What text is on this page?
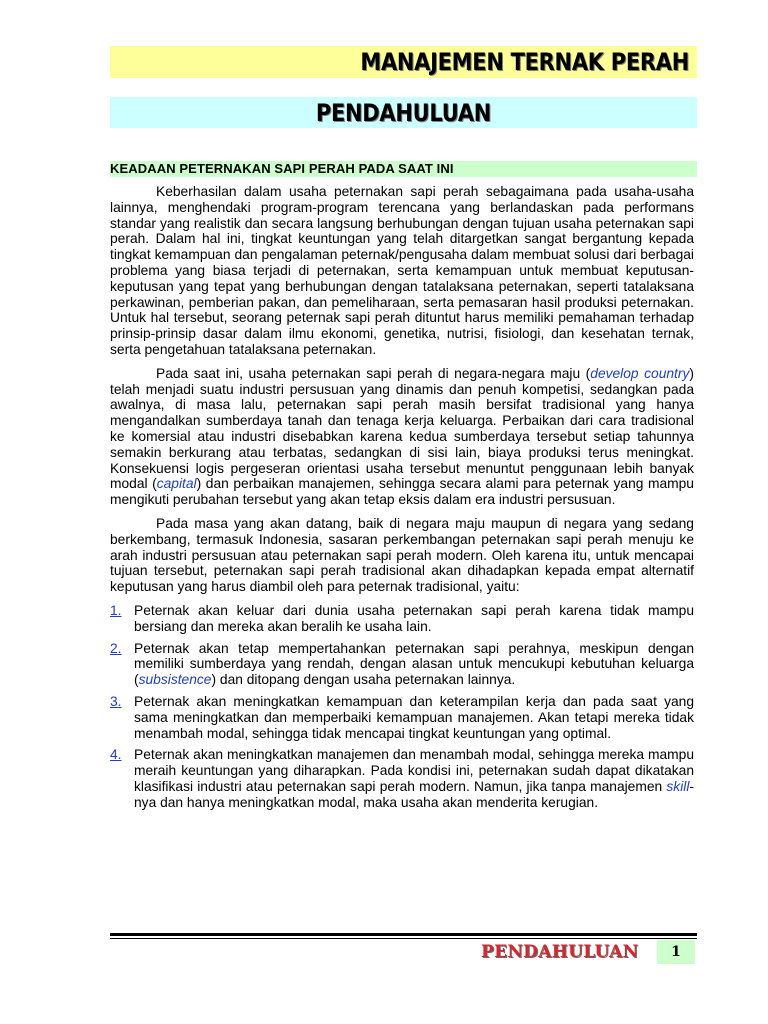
MANAJEMEN TERNAK PERAH
PENDAHULUAN
KEADAAN PETERNAKAN SAPI PERAH PADA SAAT INI

Keberhasilan dalam usaha peternakan sapi perah sebagaimana pada usaha-usaha lainnya, menghendaki program-program terencana yang berlandaskan pada performans standar yang realistik dan secara langsung berhubungan dengan tujuan usaha peternakan sapi perah. Dalam hal ini, tingkat keuntungan yang telah ditargetkan sangat bergantung kepada tingkat kemampuan dan pengalaman peternak/pengusaha dalam membuat solusi dari berbagai problema yang biasa terjadi di peternakan, serta kemampuan untuk membuat keputusan-keputusan yang tepat yang berhubungan dengan tatalaksana peternakan, seperti tatalaksana perkawinan, pemberian pakan, dan pemeliharaan, serta pemasaran hasil produksi peternakan. Untuk hal tersebut, seorang peternak sapi perah dituntut harus memiliki pemahaman terhadap prinsip-prinsip dasar dalam ilmu ekonomi, genetika, nutrisi, fisiologi, dan kesehatan ternak, serta pengetahuan tatalaksana peternakan.

Pada saat ini, usaha peternakan sapi perah di negara-negara maju (develop country) telah menjadi suatu industri persusuan yang dinamis dan penuh kompetisi, sedangkan pada awalnya, di masa lalu, peternakan sapi perah masih bersifat tradisional yang hanya mengandalkan sumberdaya tanah dan tenaga kerja keluarga. Perbaikan dari cara tradisional ke komersial atau industri disebabkan karena kedua sumberdaya tersebut setiap tahunnya semakin berkurang atau terbatas, sedangkan di sisi lain, biaya produksi terus meningkat. Konsekuensi logis pergeseran orientasi usaha tersebut menuntut penggunaan lebih banyak modal (capital) dan perbaikan manajemen, sehingga secara alami para peternak yang mampu mengikuti perubahan tersebut yang akan tetap eksis dalam era industri persusuan.

Pada masa yang akan datang, baik di negara maju maupun di negara yang sedang berkembang, termasuk Indonesia, sasaran perkembangan peternakan sapi perah menuju ke arah industri persusuan atau peternakan sapi perah modern. Oleh karena itu, untuk mencapai tujuan tersebut, peternakan sapi perah tradisional akan dihadapkan kepada empat alternatif keputusan yang harus diambil oleh para peternak tradisional, yaitu:

1. Peternak akan keluar dari dunia usaha peternakan sapi perah karena tidak mampu bersiang dan mereka akan beralih ke usaha lain.
2. Peternak akan tetap mempertahankan peternakan sapi perahnya, meskipun dengan memiliki sumberdaya yang rendah, dengan alasan untuk mencukupi kebutuhan keluarga (subsistence) dan ditopang dengan usaha peternakan lainnya.
3. Peternak akan meningkatkan kemampuan dan keterampilan kerja dan pada saat yang sama meningkatkan dan memperbaiki kemampuan manajemen. Akan tetapi mereka tidak menambah modal, sehingga tidak mencapai tingkat keuntungan yang optimal.
4. Peternak akan meningkatkan manajemen dan menambah modal, sehingga mereka mampu meraih keuntungan yang diharapkan. Pada kondisi ini, peternakan sudah dapat dikatakan klasifikasi industri atau peternakan sapi perah modern. Namun, jika tanpa manajemen skill-nya dan hanya meningkatkan modal, maka usaha akan menderita kerugian.
PENDAHULUAN	1
